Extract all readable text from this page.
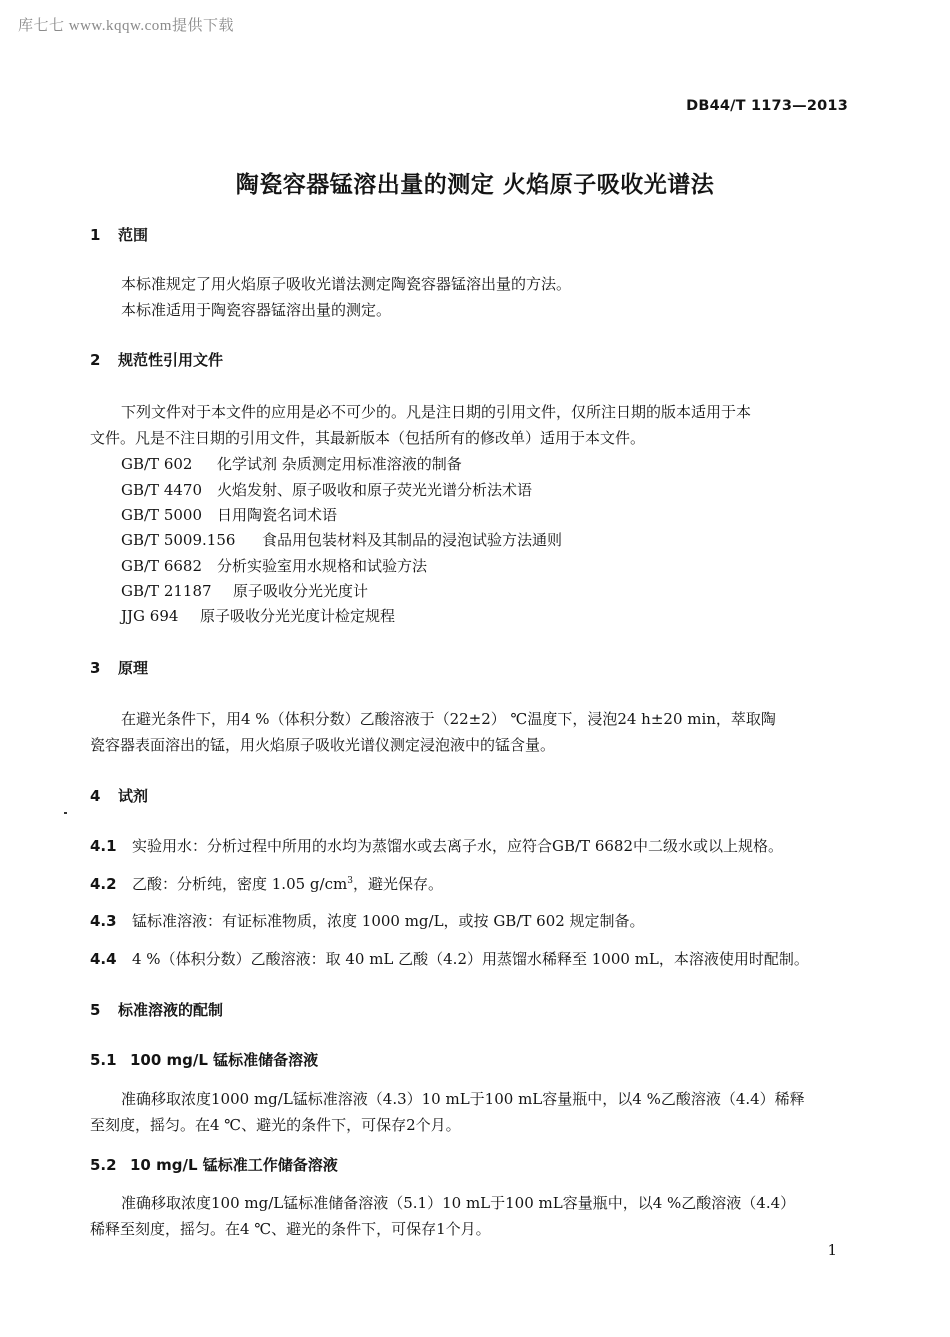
库七七 www.kqqw.com提供下载
DB44/T 1173—2013
陶瓷容器锰溶出量的测定 火焰原子吸收光谱法
1 范围
本标准规定了用火焰原子吸收光谱法测定陶瓷容器锰溶出量的方法。
本标准适用于陶瓷容器锰溶出量的测定。
2 规范性引用文件
下列文件对于本文件的应用是必不可少的。凡是注日期的引用文件，仅所注日期的版本适用于本
文件。凡是不注日期的引用文件，其最新版本（包括所有的修改单）适用于本文件。
GB/T 602 化学试剂 杂质测定用标准溶液的制备
GB/T 4470 火焰发射、原子吸收和原子荧光光谱分析法术语
GB/T 5000 日用陶瓷名词术语
GB/T 5009.156 食品用包装材料及其制品的浸泡试验方法通则
GB/T 6682 分析实验室用水规格和试验方法
GB/T 21187 原子吸收分光光度计
JJG 694 原子吸收分光光度计检定规程
3 原理
在避光条件下，用4 %（体积分数）乙酸溶液于（22±2） ℃温度下，浸泡24 h±20 min，萃取陶
瓷容器表面溶出的锰，用火焰原子吸收光谱仪测定浸泡液中的锰含量。
4 试剂
4.1 实验用水：分析过程中所用的水均为蒸馏水或去离子水，应符合GB/T 6682中二级水或以上规格。
4.2 乙酸：分析纯，密度 1.05 $g/cm^3$，避光保存。
4.3 锰标准溶液：有证标准物质，浓度 1000 mg/L，或按 GB/T 602 规定制备。
4.4 4 %（体积分数）乙酸溶液：取 40 mL 乙酸（4.2）用蒸馏水稀释至 1000 mL，本溶液使用时配制。
5 标准溶液的配制
5.1 100 mg/L 锰标准储备溶液
准确移取浓度1000 mg/L锰标准溶液（4.3）10 mL于100 mL容量瓶中，以4 %乙酸溶液（4.4）稀释
至刻度，摇匀。在4 ℃、避光的条件下，可保存2个月。
5.2 10 mg/L 锰标准工作储备溶液
准确移取浓度100 mg/L锰标准储备溶液（5.1）10 mL于100 mL容量瓶中，以4 %乙酸溶液（4.4）
稀释至刻度，摇匀。在4 ℃、避光的条件下，可保存1个月。
1
